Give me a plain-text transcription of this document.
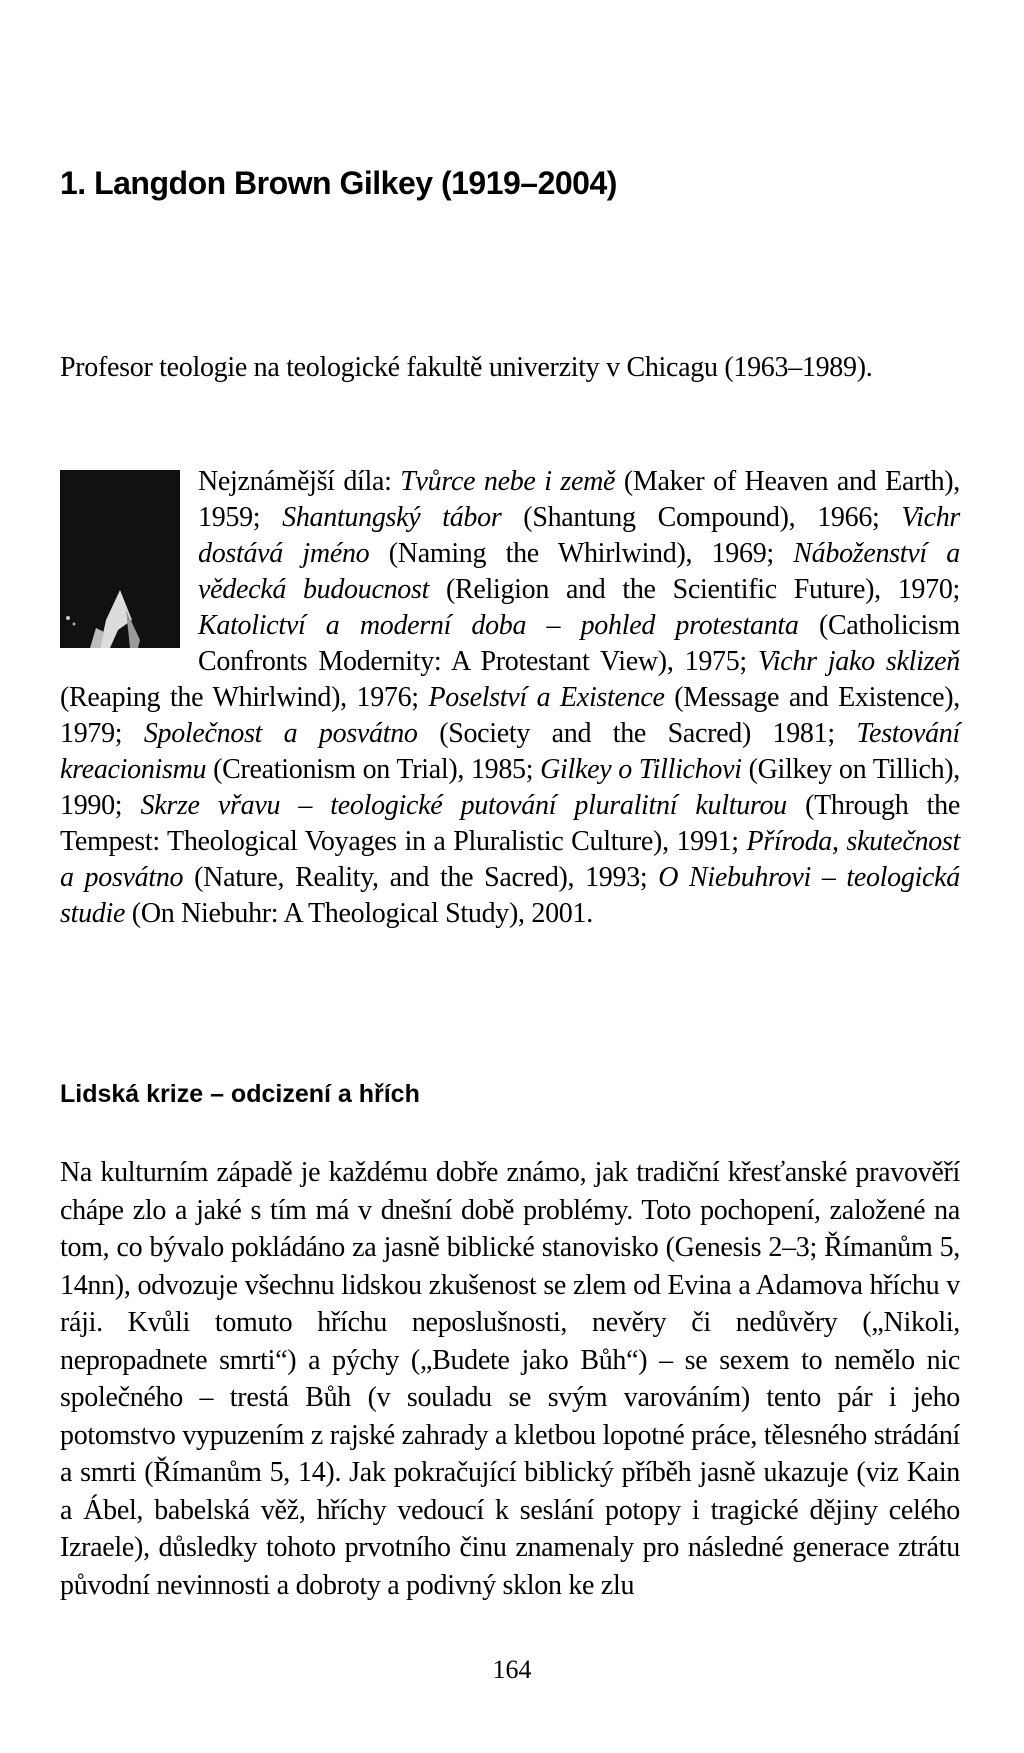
1. Langdon Brown Gilkey (1919–2004)

Profesor teologie na teologické fakultě univerzity v Chicagu (1963–1989).

Nejznámější díla: Tvůrce nebe i země (Maker of Heaven and Earth), 1959; Shantungský tábor (Shantung Compound), 1966; Vichr dostává jméno (Naming the Whirlwind), 1969; Náboženství a vědecká budoucnost (Religion and the Scientific Future), 1970; Katolictví a moderní doba – pohled protestanta (Catholicism Confronts Modernity: A Protestant View), 1975; Vichr jako sklizeň (Reaping the Whirlwind), 1976; Poselství a Existence (Message and Existence), 1979; Společnost a posvátno (Society and the Sacred) 1981; Testování kreacionismu (Creationism on Trial), 1985; Gilkey o Tillichovi (Gilkey on Tillich), 1990; Skrze vřavu – teologické putování pluralitní kulturou (Through the Tempest: Theological Voyages in a Pluralistic Culture), 1991; Příroda, skutečnost a posvátno (Nature, Reality, and the Sacred), 1993; O Niebuhrovi – teologická studie (On Niebuhr: A Theological Study), 2001.

Lidská krize – odcizení a hřích

Na kulturním západě je každému dobře známo, jak tradiční křesťanské pravověří chápe zlo a jaké s tím má v dnešní době problémy. Toto pochopení, založené na tom, co bývalo pokládáno za jasně biblické stanovisko (Genesis 2–3; Římanům 5, 14nn), odvozuje všechnu lidskou zkušenost se zlem od Evina a Adamova hříchu v ráji. Kvůli tomuto hříchu neposlušnosti, nevěry či nedůvěry („Nikoli, nepropadnete smrti“) a pýchy („Budete jako Bůh“) – se sexem to nemělo nic společného – trestá Bůh (v souladu se svým varováním) tento pár i jeho potomstvo vypuzením z rajské zahrady a kletbou lopotné práce, tělesného strádání a smrti (Římanům 5, 14). Jak pokračující biblický příběh jasně ukazuje (viz Kain a Ábel, babelská věž, hříchy vedoucí k seslání potopy i tragické dějiny celého Izraele), důsledky tohoto prvotního činu znamenaly pro následné generace ztrátu původní nevinnosti a dobroty a podivný sklon ke zlu

164
